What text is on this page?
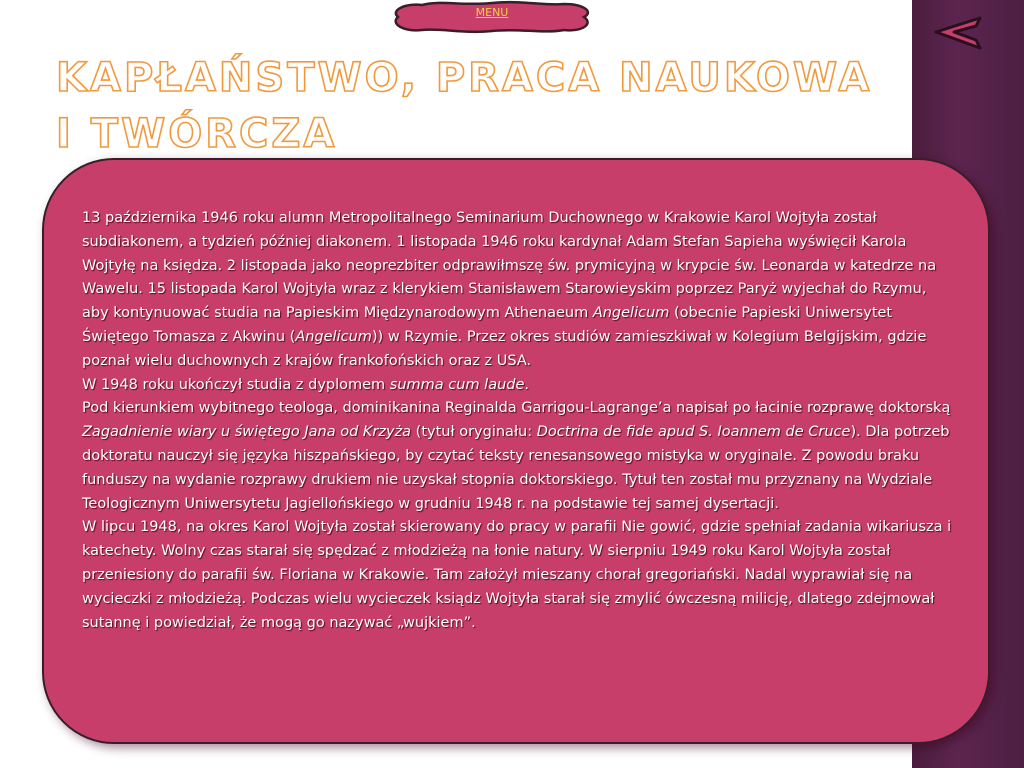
MENU
KAPŁAŃSTWO, PRACA NAUKOWA I TWÓRCZA

13 października 1946 roku alumn Metropolitalnego Seminarium Duchownego w Krakowie Karol Wojtyła został subdiakonem, a tydzień później diakonem. 1 listopada 1946 roku kardynał Adam Stefan Sapieha wyświęcił Karola Wojtyłę na księdza. 2 listopada jako neoprezbiter odprawiłmszę św. prymicyjną w krypcie św. Leonarda w katedrze na Wawelu. 15 listopada Karol Wojtyła wraz z klerykiem Stanisławem Starowieyskim poprzez Paryż wyjechał do Rzymu, aby kontynuować studia na Papieskim Międzynarodowym Athenaeum Angelicum (obecnie Papieski Uniwersytet Świętego Tomasza z Akwinu (Angelicum)) w Rzymie. Przez okres studiów zamieszkiwał w Kolegium Belgijskim, gdzie poznał wielu duchownych z krajów frankofońskich oraz z USA.

W 1948 roku ukończył studia z dyplomem summa cum laude.

Pod kierunkiem wybitnego teologa, dominikanina Reginalda Garrigou-Lagrange’a napisał po łacinie rozprawę doktorską Zagadnienie wiary u świętego Jana od Krzyża (tytuł oryginału: Doctrina de fide apud S. Ioannem de Cruce). Dla potrzeb doktoratu nauczył się języka hiszpańskiego, by czytać teksty renesansowego mistyka w oryginale. Z powodu braku funduszy na wydanie rozprawy drukiem nie uzyskał stopnia doktorskiego. Tytuł ten został mu przyznany na Wydziale Teologicznym Uniwersytetu Jagiellońskiego w grudniu 1948 r. na podstawie tej samej dysertacji.

W lipcu 1948, na okres Karol Wojtyła został skierowany do pracy w parafii Nie gowić, gdzie spełniał zadania wikariusza i katechety. Wolny czas starał się spędzać z młodzieżą na łonie natury. W sierpniu 1949 roku Karol Wojtyła został przeniesiony do parafii św. Floriana w Krakowie. Tam założył mieszany chorał gregoriański. Nadal wyprawiał się na wycieczki z młodzieżą. Podczas wielu wycieczek ksiądz Wojtyła starał się zmylić ówczesną milicję, dlatego zdejmował sutannę i powiedział, że mogą go nazywać „wujkiem”.
